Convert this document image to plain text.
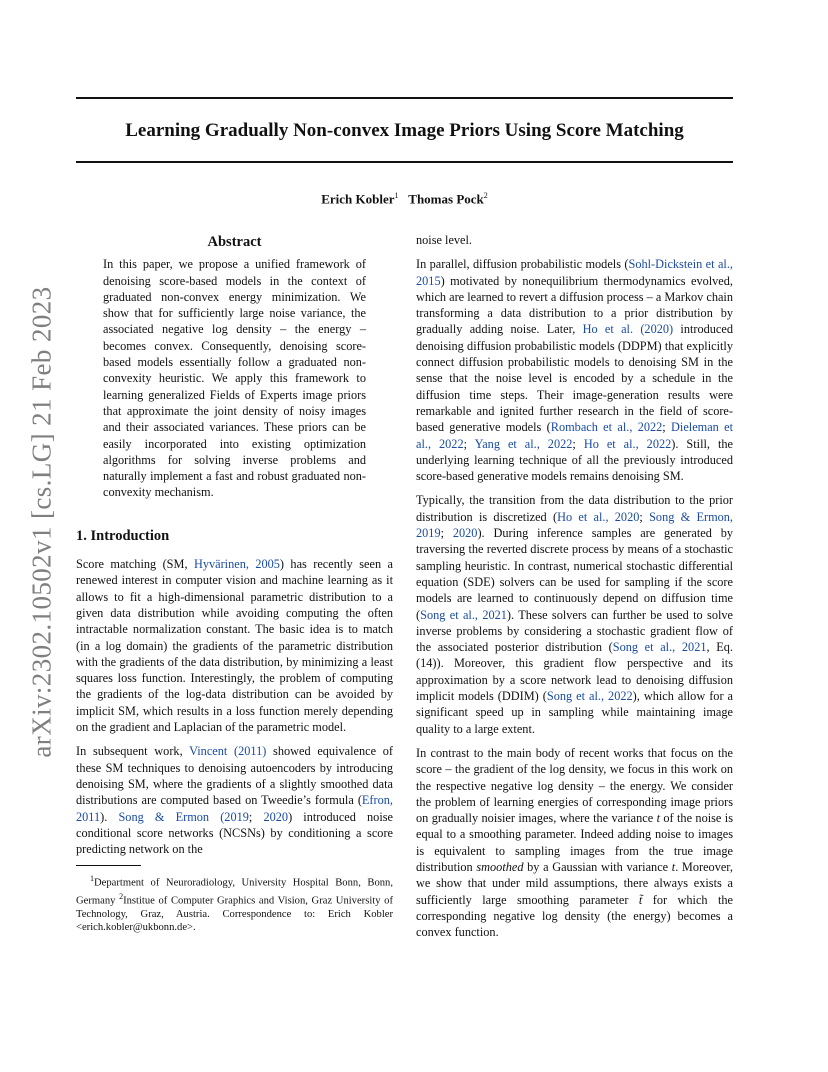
Learning Gradually Non-convex Image Priors Using Score Matching
Erich Kobler$^1$ Thomas Pock$^2$
arXiv:2302.10502v1 [cs.LG] 21 Feb 2023
Abstract

In this paper, we propose a unified framework of denoising score-based models in the context of graduated non-convex energy minimization. We show that for sufficiently large noise variance, the associated negative log density – the energy – becomes convex. Consequently, denoising score-based models essentially follow a graduated non-convexity heuristic. We apply this framework to learning generalized Fields of Experts image priors that approximate the joint density of noisy images and their associated variances. These priors can be easily incorporated into existing optimization algorithms for solving inverse problems and naturally implement a fast and robust graduated non-convexity mechanism.

1. Introduction

Score matching (SM, Hyvärinen, 2005) has recently seen a renewed interest in computer vision and machine learning as it allows to fit a high-dimensional parametric distribution to a given data distribution while avoiding computing the often intractable normalization constant. The basic idea is to match (in a log domain) the gradients of the parametric distribution with the gradients of the data distribution, by minimizing a least squares loss function. Interestingly, the problem of computing the gradients of the log-data distribution can be avoided by implicit SM, which results in a loss function merely depending on the gradient and Laplacian of the parametric model.

In subsequent work, Vincent (2011) showed equivalence of these SM techniques to denoising autoencoders by introducing denoising SM, where the gradients of a slightly smoothed data distributions are computed based on Tweedie’s formula (Efron, 2011). Song & Ermon (2019; 2020) introduced noise conditional score networks (NCSNs) by conditioning a score predicting network on the

$^1$Department of Neuroradiology, University Hospital Bonn, Bonn, Germany $^2$Institue of Computer Graphics and Vision, Graz University of Technology, Graz, Austria. Correspondence to: Erich Kobler <erich.kobler@ukbonn.de>.

noise level.

In parallel, diffusion probabilistic models (Sohl-Dickstein et al., 2015) motivated by nonequilibrium thermodynamics evolved, which are learned to revert a diffusion process – a Markov chain transforming a data distribution to a prior distribution by gradually adding noise. Later, Ho et al. (2020) introduced denoising diffusion probabilistic models (DDPM) that explicitly connect diffusion probabilistic models to denoising SM in the sense that the noise level is encoded by a schedule in the diffusion time steps. Their image-generation results were remarkable and ignited further research in the field of score-based generative models (Rombach et al., 2022; Dieleman et al., 2022; Yang et al., 2022; Ho et al., 2022). Still, the underlying learning technique of all the previously introduced score-based generative models remains denoising SM.

Typically, the transition from the data distribution to the prior distribution is discretized (Ho et al., 2020; Song & Ermon, 2019; 2020). During inference samples are generated by traversing the reverted discrete process by means of a stochastic sampling heuristic. In contrast, numerical stochastic differential equation (SDE) solvers can be used for sampling if the score models are learned to continuously depend on diffusion time (Song et al., 2021). These solvers can further be used to solve inverse problems by considering a stochastic gradient flow of the associated posterior distribution (Song et al., 2021, Eq. (14)). Moreover, this gradient flow perspective and its approximation by a score network lead to denoising diffusion implicit models (DDIM) (Song et al., 2022), which allow for a significant speed up in sampling while maintaining image quality to a large extent.

In contrast to the main body of recent works that focus on the score – the gradient of the log density, we focus in this work on the respective negative log density – the energy. We consider the problem of learning energies of corresponding image priors on gradually noisier images, where the variance t of the noise is equal to a smoothing parameter. Indeed adding noise to images is equivalent to sampling images from the true image distribution smoothed by a Gaussian with variance t. Moreover, we show that under mild assumptions, there always exists a sufficiently large smoothing parameter t̃ for which the corresponding negative log density (the energy) becomes a convex function.
